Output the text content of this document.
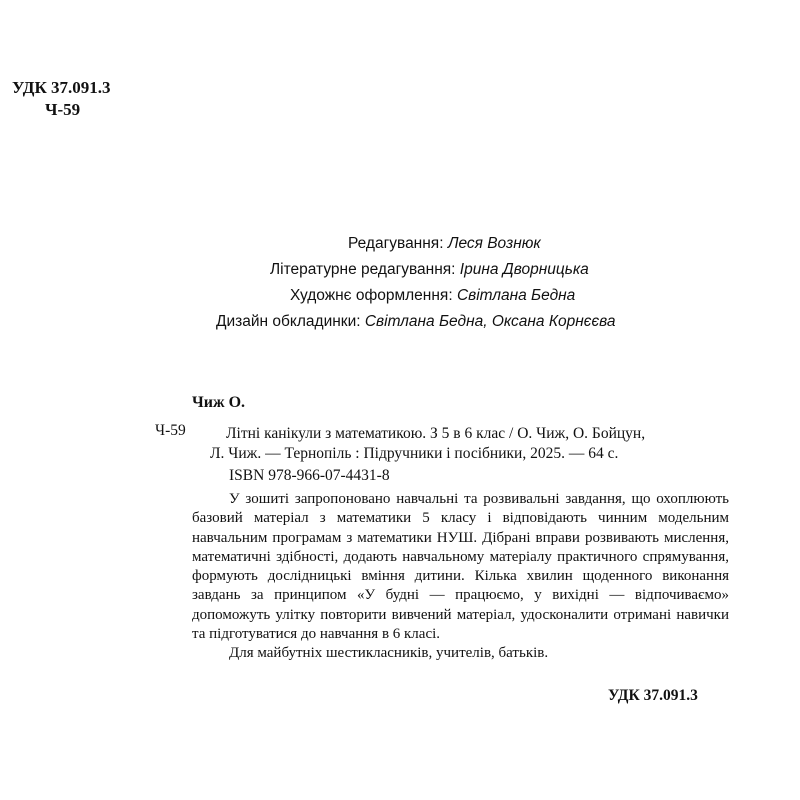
УДК 37.091.3
Ч-59
Редагування: Леся Вознюк
Літературне редагування: Ірина Дворницька
Художнє оформлення: Світлана Бедна
Дизайн обкладинки: Світлана Бедна, Оксана Корнєєва
Чиж О.
Ч-59	Літні канікули з математикою. З 5 в 6 клас / О. Чиж, О. Бойцун,
Л. Чиж. — Тернопіль : Підручники і посібники, 2025. — 64 с.
ISBN 978-966-07-4431-8

У зошиті запропоновано навчальні та розвивальні завдання, що охоплюють базовий матеріал з математики 5 класу і відповідають чинним модельним навчальним програмам з математики НУШ. Дібрані вправи розвивають мислення, математичні здібності, додають навчальному матеріалу практичного спрямування, формують дослідницькі вміння дитини. Кілька хвилин щоденного виконання завдань за принципом «У будні — працюємо, у вихідні — відпочиваємо» допоможуть улітку повторити вивчений матеріал, удосконалити отримані навички та підготуватися до навчання в 6 класі.

Для майбутніх шестикласників, учителів, батьків.

УДК 37.091.3
